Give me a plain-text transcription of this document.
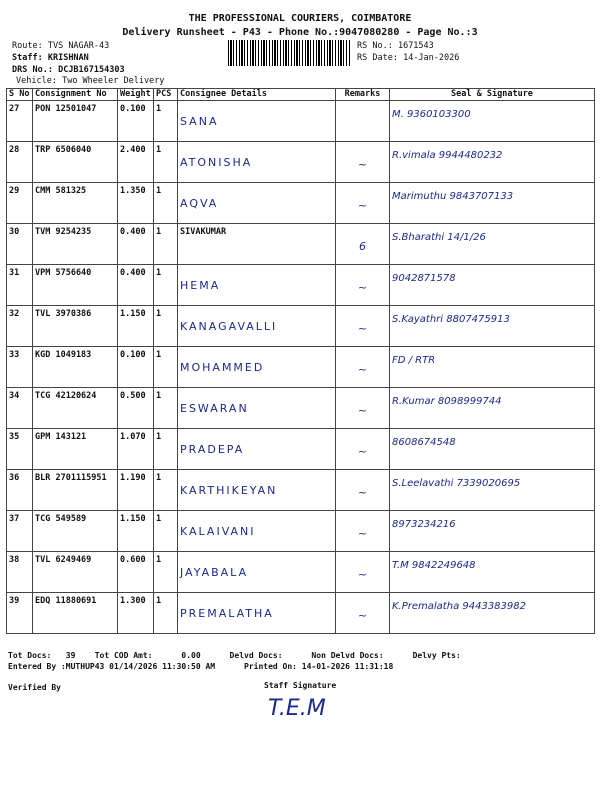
THE PROFESSIONAL COURIERS, COIMBATORE
Delivery Runsheet - P43 - Phone No.:9047080280 - Page No.:3
Route: TVS NAGAR-43
Staff: KRISHNAN
DRS No.: DCJB167154303
Vehicle: Two Wheeler Delivery
RS No.: 1671543
RS Date: 14-Jan-2026
S No	Consignment No	Weight	PCS	Consignee Details	Remarks	Seal & Signature
27	PON 12501047	0.100	1	SANA		M. 9360103300

28	TRP 6506040	2.400	1	ATONISHA	~	R.vimala 9944480232

29	CMM 581325	1.350	1	AQVA	~	Marimuthu 9843707133

30	TVM 9254235	0.400	1	SIVAKUMAR	6	S.Bharathi 14/1/26

31	VPM 5756640	0.400	1	HEMA	~	9042871578

32	TVL 3970386	1.150	1	KANAGAVALLI	~	S.Kayathri 8807475913

33	KGD 1049183	0.100	1	MOHAMMED	~	FD / RTR

34	TCG 42120624	0.500	1	ESWARAN	~	R.Kumar 8098999744

35	GPM 143121	1.070	1	PRADEPA	~	8608674548

36	BLR 2701115951	1.190	1	KARTHIKEYAN	~	S.Leelavathi 7339020695

37	TCG 549589	1.150	1	KALAIVANI	~	8973234216

38	TVL 6249469	0.600	1	JAYABALA	~	T.M 9842249648

39	EDQ 11880691	1.300	1	PREMALATHA	~	K.Premalatha 9443383982
Tot Docs:   39    Tot COD Amt:      0.00      Delvd Docs:      Non Delvd Docs:      Delvy Pts:
Entered By :MUTHUP43 01/14/2026 11:30:50 AM      Printed On: 14-01-2026 11:31:18
Verified By	Staff Signature
T.E.M
